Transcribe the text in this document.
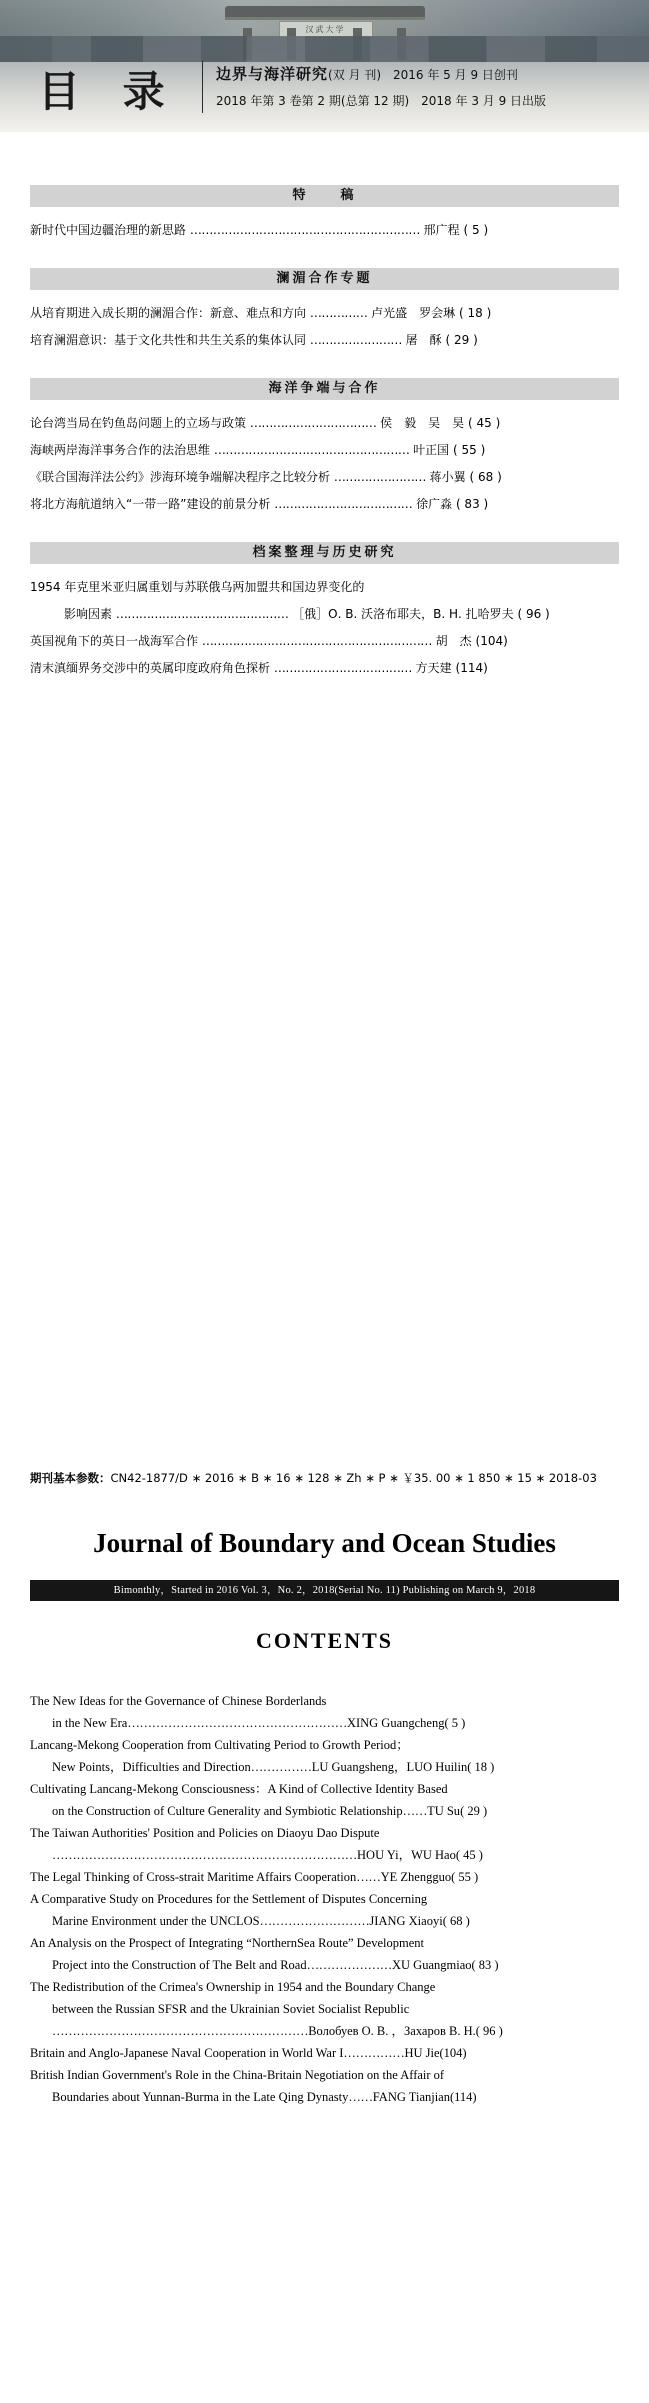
汉武大学
目 录 边界与海洋研究(双 月 刊) 2016 年 5 月 9 日创刊
2018 年第 3 卷第 2 期(总第 12 期) 2018 年 3 月 9 日出版
特　　稿
新时代中国边疆治理的新思路 …………………………………………………… 邢广程 ( 5 )
澜湄合作专题
从培育期进入成长期的澜湄合作：新意、难点和方向 …………… 卢光盛　罗会琳 ( 18 )
培育澜湄意识：基于文化共性和共生关系的集体认同 …………………… 屠　酥 ( 29 )
海洋争端与合作
论台湾当局在钓鱼岛问题上的立场与政策 …………………………… 侯　毅　吴　昊 ( 45 )
海峡两岸海洋事务合作的法治思维 …………………………………………… 叶正国 ( 55 )
《联合国海洋法公约》涉海环境争端解决程序之比较分析 …………………… 蒋小翼 ( 68 )
将北方海航道纳入“一带一路”建设的前景分析 ……………………………… 徐广淼 ( 83 )
档案整理与历史研究
1954 年克里米亚归属重划与苏联俄乌两加盟共和国边界变化的
影响因素 ……………………………………… ［俄］О. В. 沃洛布耶夫，В. Н. 扎哈罗夫 ( 96 )
英国视角下的英日一战海军合作 …………………………………………………… 胡　杰 (104)
清末滇缅界务交涉中的英属印度政府角色探析 ……………………………… 方天建 (114)
期刊基本参数：CN42-1877/D ∗ 2016 ∗ B ∗ 16 ∗ 128 ∗ Zh ∗ P ∗ ￥35. 00 ∗ 1 850 ∗ 15 ∗ 2018-03
Journal of Boundary and Ocean Studies
Bimonthly，Started in 2016 Vol. 3，No. 2，2018(Serial No. 11) Publishing on March 9，2018
CONTENTS
The New Ideas for the Governance of Chinese Borderlands
in the New Era………………………………………………XING Guangcheng( 5 )
Lancang-Mekong Cooperation from Cultivating Period to Growth Period；
New Points，Difficulties and Direction……………LU Guangsheng，LUO Huilin( 18 )
Cultivating Lancang-Mekong Consciousness：A Kind of Collective Identity Based
on the Construction of Culture Generality and Symbiotic Relationship……TU Su( 29 )
The Taiwan Authorities' Position and Policies on Diaoyu Dao Dispute
…………………………………………………………………HOU Yi，WU Hao( 45 )
The Legal Thinking of Cross-strait Maritime Affairs Cooperation……YE Zhengguo( 55 )
A Comparative Study on Procedures for the Settlement of Disputes Concerning
Marine Environment under the UNCLOS………………………JIANG Xiaoyi( 68 )
An Analysis on the Prospect of Integrating “NorthernSea Route” Development
Project into the Construction of The Belt and Road…………………XU Guangmiao( 83 )
The Redistribution of the Crimea's Ownership in 1954 and the Boundary Change
between the Russian SFSR and the Ukrainian Soviet Socialist Republic
………………………………………………………Волобуев О. В. ，Захаров В. Н.( 96 )
Britain and Anglo-Japanese Naval Cooperation in World War I……………HU Jie(104)
British Indian Government's Role in the China-Britain Negotiation on the Affair of
Boundaries about Yunnan-Burma in the Late Qing Dynasty……FANG Tianjian(114)
